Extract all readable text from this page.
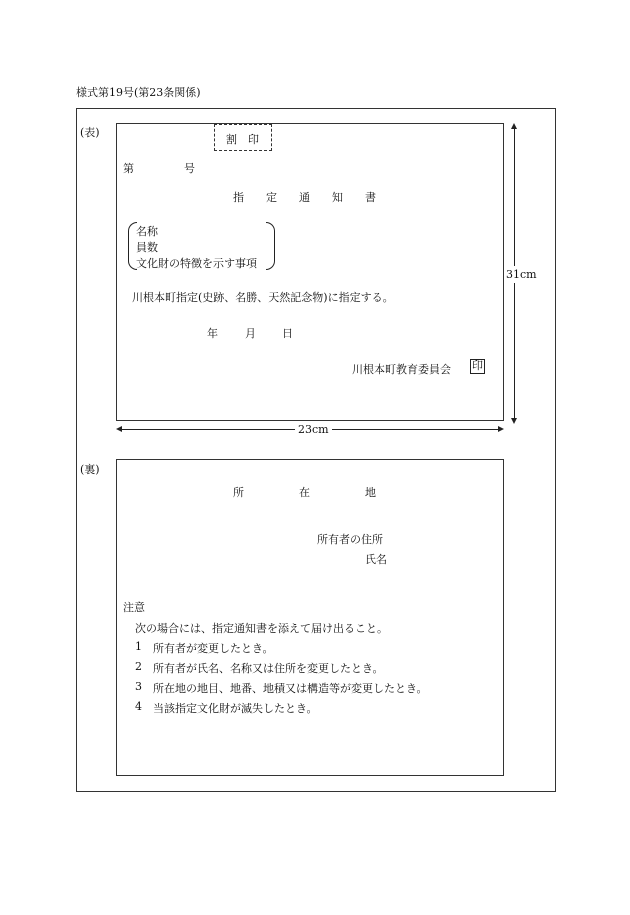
様式第19号(第23条関係)
(表)
割　印
第	号
指　　定　　通　　知　　書
名称
員数
文化財の特徴を示す事項
川根本町指定(史跡、名勝、天然記念物)に指定する。
年 月 日
川根本町教育委員会 印
31cm
23cm
(裏)
所　　　　　在　　　　　地
所有者の住所
氏名
注意
次の場合には、指定通知書を添えて届け出ること。
1 所有者が変更したとき。
2 所有者が氏名、名称又は住所を変更したとき。
3 所在地の地目、地番、地積又は構造等が変更したとき。
4 当該指定文化財が滅失したとき。
